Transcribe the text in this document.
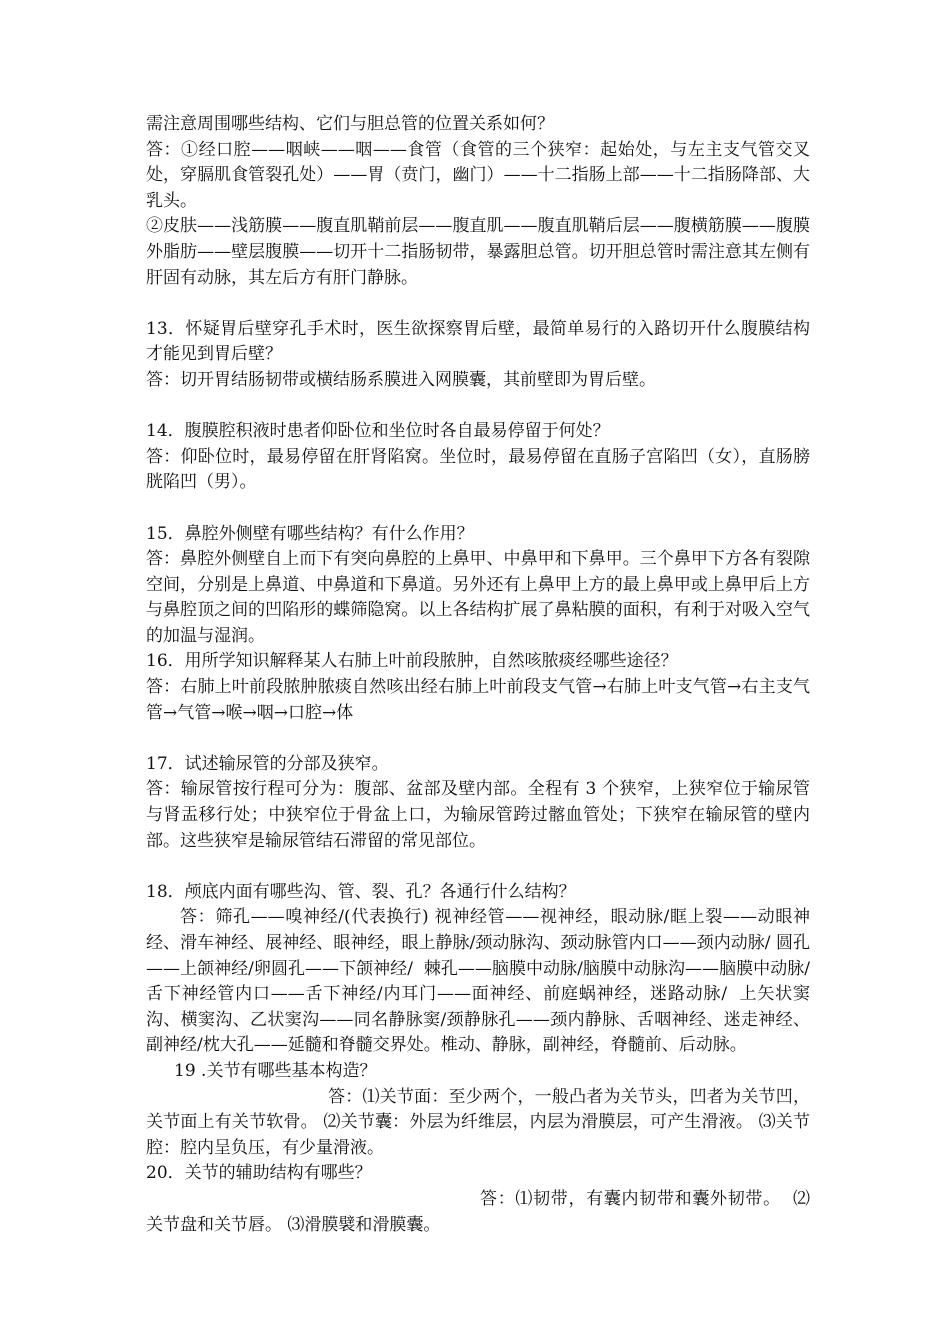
需注意周围哪些结构、它们与胆总管的位置关系如何？

答：①经口腔——咽峡——咽——食管（食管的三个狭窄：起始处，与左主支气管交叉处，穿膈肌食管裂孔处）——胃（贲门，幽门）——十二指肠上部——十二指肠降部、大乳头。

②皮肤——浅筋膜——腹直肌鞘前层——腹直肌——腹直肌鞘后层——腹横筋膜——腹膜外脂肪——壁层腹膜——切开十二指肠韧带，暴露胆总管。切开胆总管时需注意其左侧有肝固有动脉，其左后方有肝门静脉。

13．怀疑胃后壁穿孔手术时，医生欲探察胃后壁，最简单易行的入路切开什么腹膜结构才能见到胃后壁？

答：切开胃结肠韧带或横结肠系膜进入网膜囊，其前壁即为胃后壁。

14．腹膜腔积液时患者仰卧位和坐位时各自最易停留于何处？

答：仰卧位时，最易停留在肝肾陷窝。坐位时，最易停留在直肠子宫陷凹（女），直肠膀胱陷凹（男）。

15．鼻腔外侧壁有哪些结构？有什么作用？

答：鼻腔外侧壁自上而下有突向鼻腔的上鼻甲、中鼻甲和下鼻甲。三个鼻甲下方各有裂隙空间，分别是上鼻道、中鼻道和下鼻道。另外还有上鼻甲上方的最上鼻甲或上鼻甲后上方与鼻腔顶之间的凹陷形的蝶筛隐窝。以上各结构扩展了鼻粘膜的面积，有利于对吸入空气的加温与湿润。

16．用所学知识解释某人右肺上叶前段脓肿，自然咳脓痰经哪些途径？

答：右肺上叶前段脓肿脓痰自然咳出经右肺上叶前段支气管→右肺上叶支气管→右主支气管→气管→喉→咽→口腔→体

17．试述输尿管的分部及狭窄。

答：输尿管按行程可分为：腹部、盆部及壁内部。全程有 3 个狭窄，上狭窄位于输尿管与肾盂移行处；中狭窄位于骨盆上口，为输尿管跨过髂血管处；下狭窄在输尿管的壁内部。这些狭窄是输尿管结石滞留的常见部位。

18．颅底内面有哪些沟、管、裂、孔？各通行什么结构？

答：筛孔——嗅神经/(代表换行) 视神经管——视神经，眼动脉/眶上裂——动眼神经、滑车神经、展神经、眼神经，眼上静脉/颈动脉沟、颈动脉管内口——颈内动脉/ 圆孔——上颌神经/卵圆孔——下颌神经/  棘孔——脑膜中动脉/脑膜中动脉沟——脑膜中动脉/舌下神经管内口——舌下神经/内耳门——面神经、前庭蜗神经，迷路动脉/  上矢状窦沟、横窦沟、乙状窦沟——同名静脉窦/颈静脉孔——颈内静脉、舌咽神经、迷走神经、副神经/枕大孔——延髓和脊髓交界处。椎动、静脉，副神经，脊髓前、后动脉。

19 .关节有哪些基本构造？

答：⑴关节面：至少两个，一般凸者为关节头，凹者为关节凹，关节面上有关节软骨。 ⑵关节囊：外层为纤维层，内层为滑膜层，可产生滑液。 ⑶关节腔：腔内呈负压，有少量滑液。

20．关节的辅助结构有哪些？

答：⑴韧带，有囊内韧带和囊外韧带。  ⑵关节盘和关节唇。 ⑶滑膜襞和滑膜囊。
